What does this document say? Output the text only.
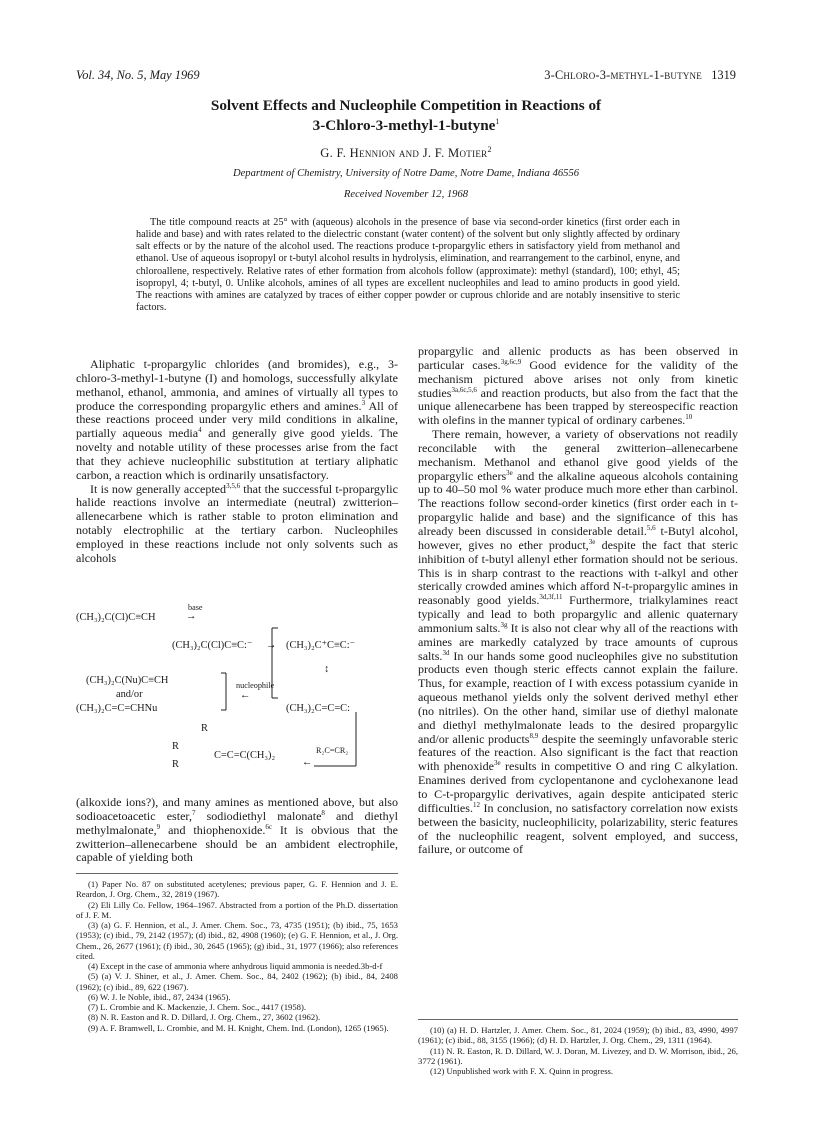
Vol. 34, No. 5, May 1969	3-Chloro-3-methyl-1-butyne 1319
Solvent Effects and Nucleophile Competition in Reactions of
3-Chloro-3-methyl-1-butyne$^1$
G. F. Hennion and J. F. Motier$^2$
Department of Chemistry, University of Notre Dame, Notre Dame, Indiana 46556
Received November 12, 1968
The title compound reacts at 25° with (aqueous) alcohols in the presence of base via second-order kinetics (first order each in halide and base) and with rates related to the dielectric constant (water content) of the solvent but only slightly affected by ordinary salt effects or by the nature of the alcohol used. The reactions produce t-propargylic ethers in satisfactory yield from methanol and ethanol. Use of aqueous isopropyl or t-butyl alcohol results in hydrolysis, elimination, and rearrangement to the carbinol, enyne, and chloroallene, respectively. Relative rates of ether formation from alcohols follow (approximate): methyl (standard), 100; ethyl, 45; isopropyl, 4; t-butyl, 0. Unlike alcohols, amines of all types are excellent nucleophiles and lead to amino products in good yield. The reactions with amines are catalyzed by traces of either copper powder or cuprous chloride and are notably insensitive to steric factors.

Aliphatic t-propargylic chlorides (and bromides), e.g., 3-chloro-3-methyl-1-butyne (I) and homologs, successfully alkylate methanol, ethanol, ammonia, and amines of virtually all types to produce the corresponding propargylic ethers and amines.$^3$ All of these reactions proceed under very mild conditions in alkaline, partially aqueous media$^4$ and generally give good yields. The novelty and notable utility of these processes arise from the fact that they achieve nucleophilic substitution at tertiary aliphatic carbon, a reaction which is ordinarily unsatisfactory.

It is now generally accepted$^{3,5,6}$ that the successful t-propargylic halide reactions involve an intermediate (neutral) zwitterion–allenecarbene which is rather stable to proton elimination and notably electrophilic at the tertiary carbon. Nucleophiles employed in these reactions include not only solvents such as alcohols

(CH₃)₂C(Cl)C≡CH
base
→
(CH₃)₂C(Cl)C≡C:⁻ → (CH₃)₂C⁺C≡C:⁻
↕
(CH₃)₂C(Nu)C≡CH
and/or
(CH₃)₂C=C=CHNu
nucleophile
←
(CH₃)₂C=C=C:
R
R
R
C=C=C(CH₃)₂	R₂C=CR₂
←

(alkoxide ions?), and many amines as mentioned above, but also sodioacetoacetic ester,$^7$ sodiodiethyl malonate$^8$ and diethyl methylmalonate,$^9$ and thiophenoxide.$^{6c}$ It is obvious that the zwitterion–allenecarbene should be an ambident electrophile, capable of yielding both

(1) Paper No. 87 on substituted acetylenes; previous paper, G. F. Hennion and J. E. Reardon, J. Org. Chem., 32, 2819 (1967).

(2) Eli Lilly Co. Fellow, 1964–1967. Abstracted from a portion of the Ph.D. dissertation of J. F. M.

(3) (a) G. F. Hennion, et al., J. Amer. Chem. Soc., 73, 4735 (1951); (b) ibid., 75, 1653 (1953); (c) ibid., 79, 2142 (1957); (d) ibid., 82, 4908 (1960); (e) G. F. Hennion, et al., J. Org. Chem., 26, 2677 (1961); (f) ibid., 30, 2645 (1965); (g) ibid., 31, 1977 (1966); also references cited.

(4) Except in the case of ammonia where anhydrous liquid ammonia is needed.3b-d-f

(5) (a) V. J. Shiner, et al., J. Amer. Chem. Soc., 84, 2402 (1962); (b) ibid., 84, 2408 (1962); (c) ibid., 89, 622 (1967).

(6) W. J. le Noble, ibid., 87, 2434 (1965).

(7) L. Crombie and K. Mackenzie, J. Chem. Soc., 4417 (1958).

(8) N. R. Easton and R. D. Dillard, J. Org. Chem., 27, 3602 (1962).

(9) A. F. Bramwell, L. Crombie, and M. H. Knight, Chem. Ind. (London), 1265 (1965).

propargylic and allenic products as has been observed in particular cases.$^{3g,6c,9}$ Good evidence for the validity of the mechanism pictured above arises not only from kinetic studies$^{3a,6c,5,6}$ and reaction products, but also from the fact that the unique allenecarbene has been trapped by stereospecific reaction with olefins in the manner typical of ordinary carbenes.$^{10}$

There remain, however, a variety of observations not readily reconcilable with the general zwitterion–allenecarbene mechanism. Methanol and ethanol give good yields of the propargylic ethers$^{3e}$ and the alkaline aqueous alcohols containing up to 40–50 mol % water produce much more ether than carbinol. The reactions follow second-order kinetics (first order each in t-propargylic halide and base) and the significance of this has already been discussed in considerable detail.$^{5,6}$ t-Butyl alcohol, however, gives no ether product,$^{3e}$ despite the fact that steric inhibition of t-butyl allenyl ether formation should not be serious. This is in sharp contrast to the reactions with t-alkyl and other sterically crowded amines which afford N-t-propargylic amines in reasonably good yields.$^{3d,3f,11}$ Furthermore, trialkylamines react typically and lead to both propargylic and allenic quaternary ammonium salts.$^{3g}$ It is also not clear why all of the reactions with amines are markedly catalyzed by trace amounts of cuprous salts.$^{3d}$ In our hands some good nucleophiles give no substitution products even though steric effects cannot explain the failure. Thus, for example, reaction of I with excess potassium cyanide in aqueous methanol yields only the solvent derived methyl ether (no nitriles). On the other hand, similar use of diethyl malonate and diethyl methylmalonate leads to the desired propargylic and/or allenic products$^{8,9}$ despite the seemingly unfavorable steric features of the reaction. Also significant is the fact that reaction with phenoxide$^{3e}$ results in competitive O and ring C alkylation. Enamines derived from cyclopentanone and cyclohexanone lead to C-t-propargylic derivatives, again despite anticipated steric difficulties.$^{12}$ In conclusion, no satisfactory correlation now exists between the basicity, nucleophilicity, polarizability, steric features of the nucleophilic reagent, solvent employed, and success, failure, or outcome of

(10) (a) H. D. Hartzler, J. Amer. Chem. Soc., 81, 2024 (1959); (b) ibid., 83, 4990, 4997 (1961); (c) ibid., 88, 3155 (1966); (d) H. D. Hartzler, J. Org. Chem., 29, 1311 (1964).

(11) N. R. Easton, R. D. Dillard, W. J. Doran, M. Livezey, and D. W. Morrison, ibid., 26, 3772 (1961).

(12) Unpublished work with F. X. Quinn in progress.
